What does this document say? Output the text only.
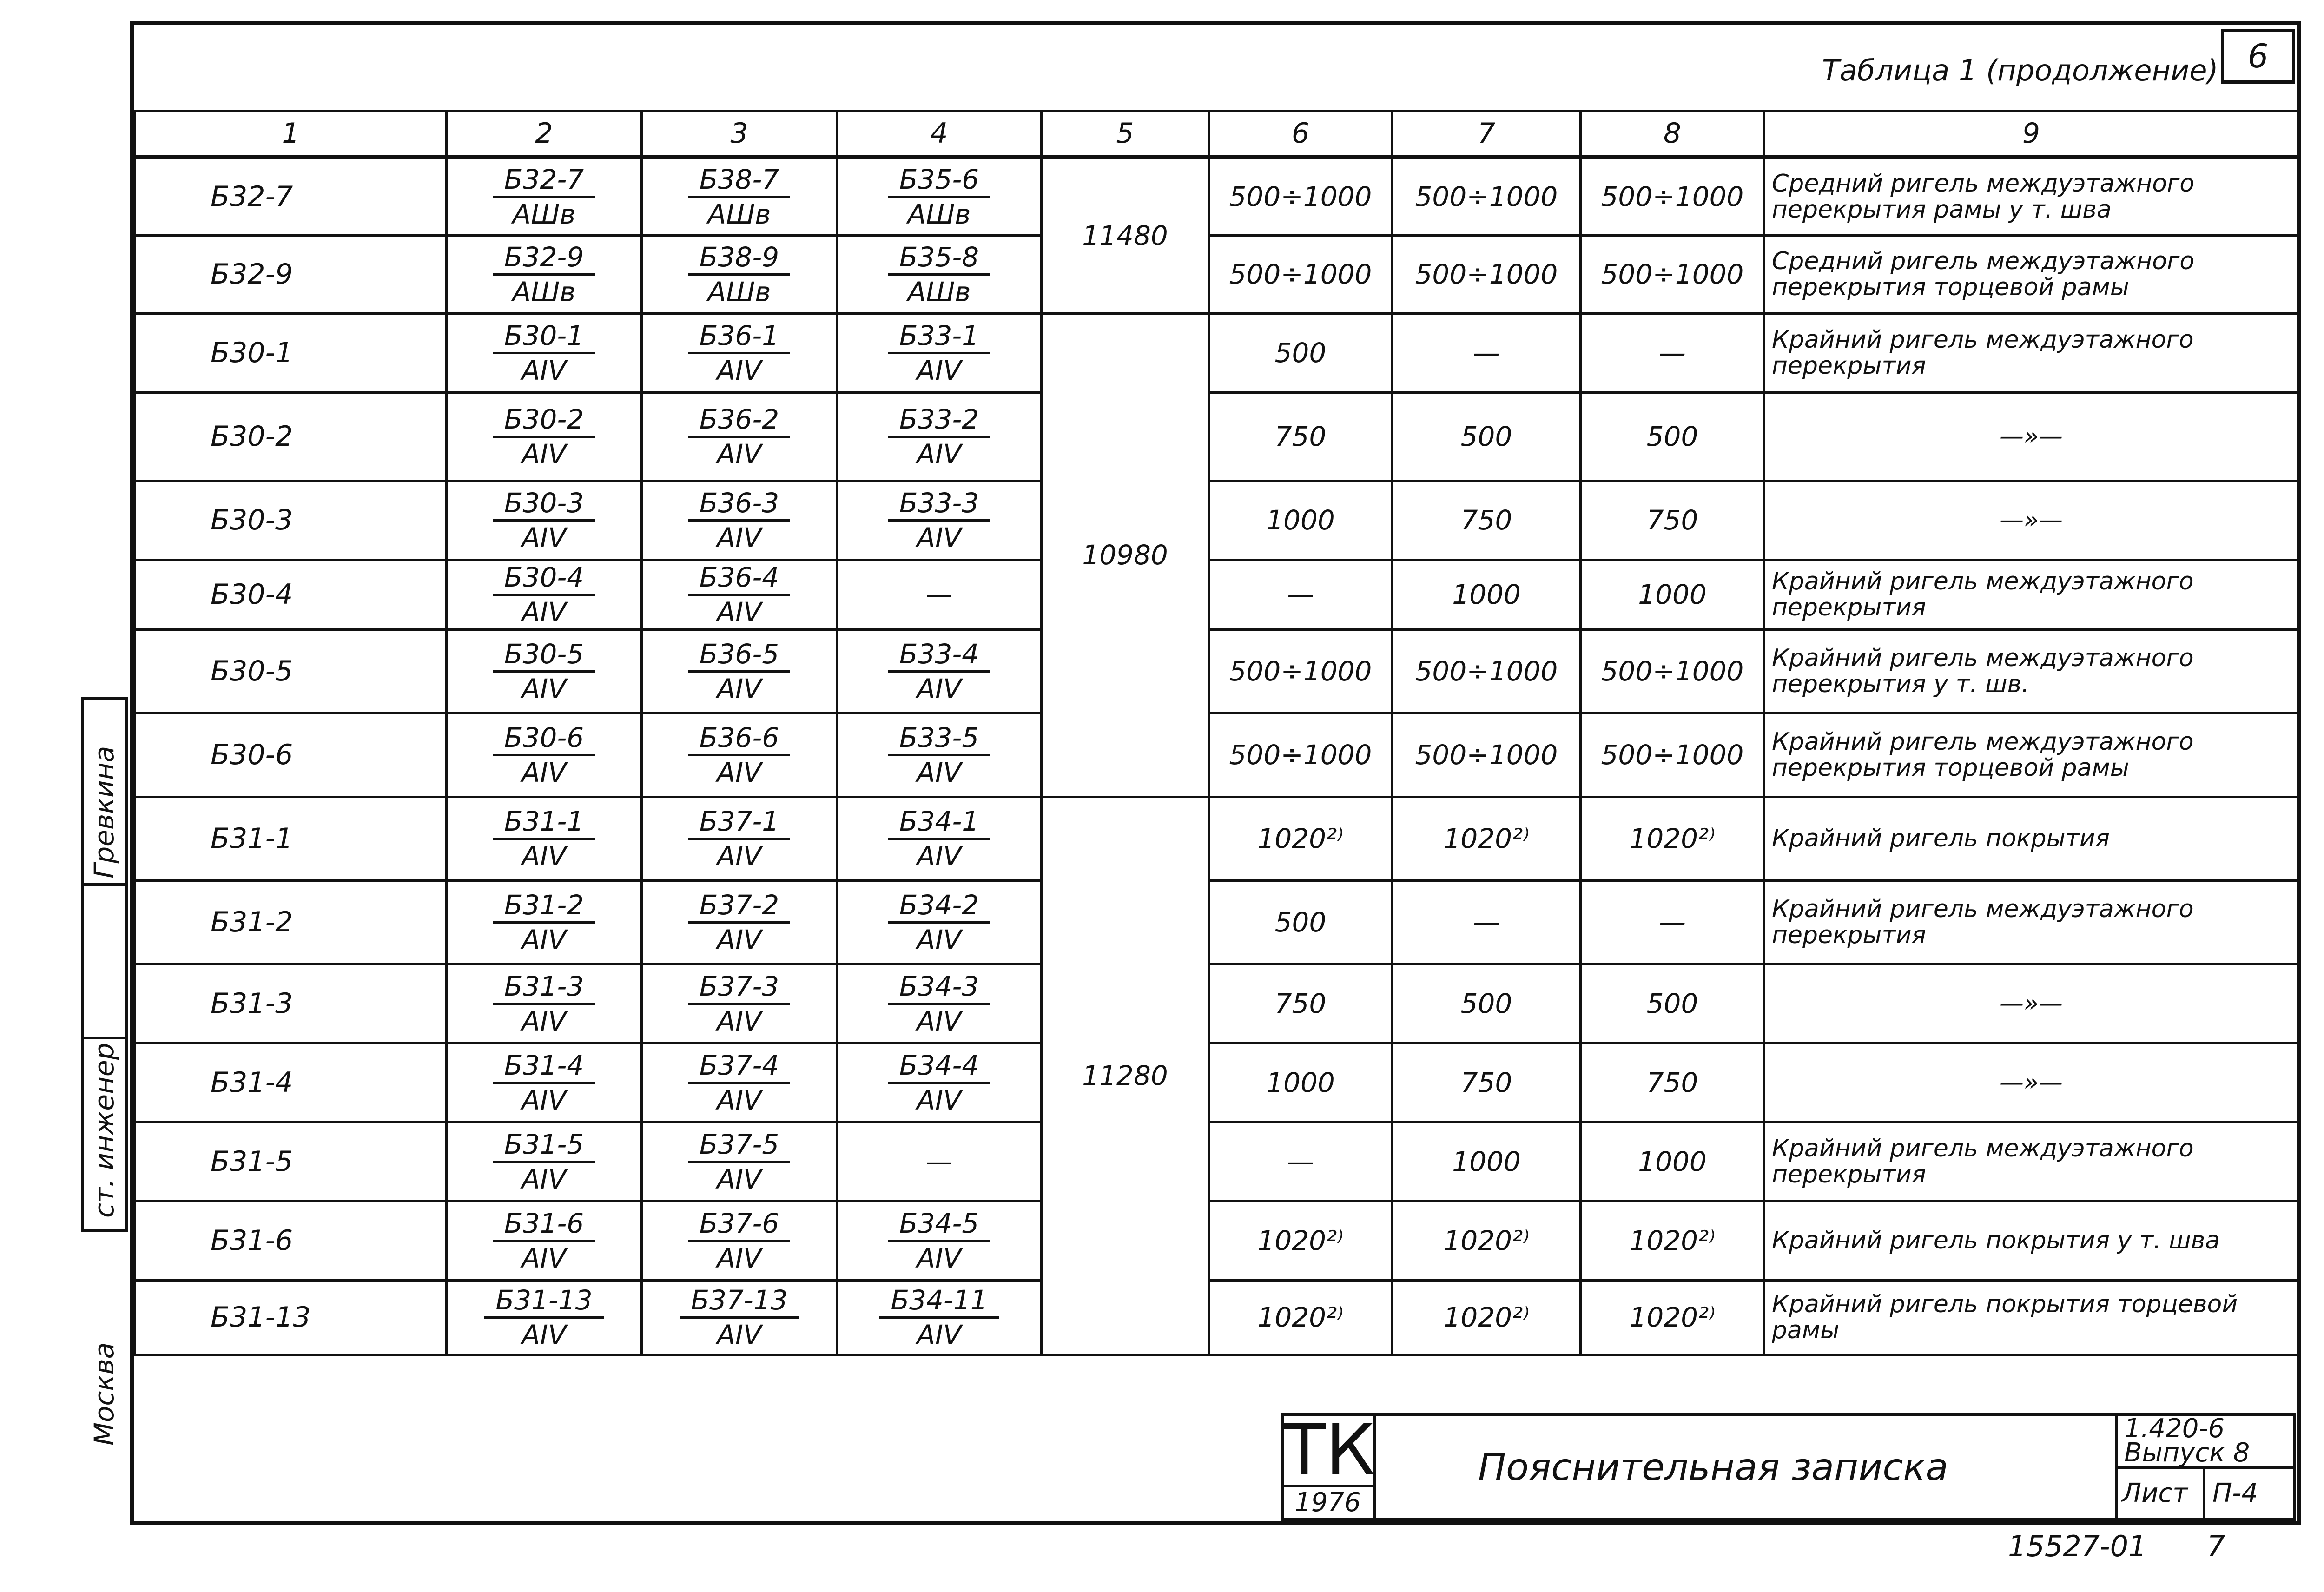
Таблица 1 (продолжение) 6
1	2	3	4	5	6	7	8	9
Б32-7	$\frac{Б32-7}{\text{АШв}}$	$\frac{Б38-7}{\text{АШв}}$	$\frac{Б35-6}{\text{АШв}}$	11480	500÷1000	500÷1000	500÷1000	Средний ригель междуэтажного перекрытия рамы у т. шва
Б32-9	$\frac{Б32-9}{\text{АШв}}$	$\frac{Б38-9}{\text{АШв}}$	$\frac{Б35-8}{\text{АШв}}$		500÷1000	500÷1000	500÷1000	Средний ригель междуэтажного перекрытия торцевой рамы
Б30-1	$\frac{Б30-1}{\text{АIV}}$	$\frac{Б36-1}{\text{АIV}}$	$\frac{Б33-1}{\text{АIV}}$	10980	500	—	—	Крайний ригель междуэтажного перекрытия
Б30-2	$\frac{Б30-2}{\text{АIV}}$	$\frac{Б36-2}{\text{АIV}}$	$\frac{Б33-2}{\text{АIV}}$		750	500	500	—»—
Б30-3	$\frac{Б30-3}{\text{АIV}}$	$\frac{Б36-3}{\text{АIV}}$	$\frac{Б33-3}{\text{АIV}}$		1000	750	750	—»—
Б30-4	$\frac{Б30-4}{\text{АIV}}$	$\frac{Б36-4}{\text{АIV}}$	—		—	1000	1000	Крайний ригель междуэтажного перекрытия
Б30-5	$\frac{Б30-5}{\text{АIV}}$	$\frac{Б36-5}{\text{АIV}}$	$\frac{Б33-4}{\text{АIV}}$		500÷1000	500÷1000	500÷1000	Крайний ригель междуэтажного перекрытия у т. шв.
Б30-6	$\frac{Б30-6}{\text{АIV}}$	$\frac{Б36-6}{\text{АIV}}$	$\frac{Б33-5}{\text{АIV}}$		500÷1000	500÷1000	500÷1000	Крайний ригель междуэтажного перекрытия торцевой рамы
Б31-1	$\frac{Б31-1}{\text{АIV}}$	$\frac{Б37-1}{\text{АIV}}$	$\frac{Б34-1}{\text{АIV}}$	11280	1020²⁾	1020²⁾	1020²⁾	Крайний ригель покрытия
Б31-2	$\frac{Б31-2}{\text{АIV}}$	$\frac{Б37-2}{\text{АIV}}$	$\frac{Б34-2}{\text{АIV}}$		500	—	—	Крайний ригель междуэтажного перекрытия
Б31-3	$\frac{Б31-3}{\text{АIV}}$	$\frac{Б37-3}{\text{АIV}}$	$\frac{Б34-3}{\text{АIV}}$		750	500	500	—»—
Б31-4	$\frac{Б31-4}{\text{АIV}}$	$\frac{Б37-4}{\text{АIV}}$	$\frac{Б34-4}{\text{АIV}}$		1000	750	750	—»—
Б31-5	$\frac{Б31-5}{\text{АIV}}$	$\frac{Б37-5}{\text{АIV}}$	—		—	1000	1000	Крайний ригель междуэтажного перекрытия
Б31-6	$\frac{Б31-6}{\text{АIV}}$	$\frac{Б37-6}{\text{АIV}}$	$\frac{Б34-5}{\text{АIV}}$		1020²⁾	1020²⁾	1020²⁾	Крайний ригель покрытия у т. шва
Б31-13	$\frac{Б31-13}{\text{АIV}}$	$\frac{Б37-13}{\text{АIV}}$	$\frac{Б34-11}{\text{АIV}}$		1020²⁾	1020²⁾	1020²⁾	Крайний ригель покрытия торцевой рамы
Гревкина
ст. инженер
Москва
ТК
1976
Пояснительная записка
1.420-6
Выпуск 8
Лист П-4
15527-01 7
